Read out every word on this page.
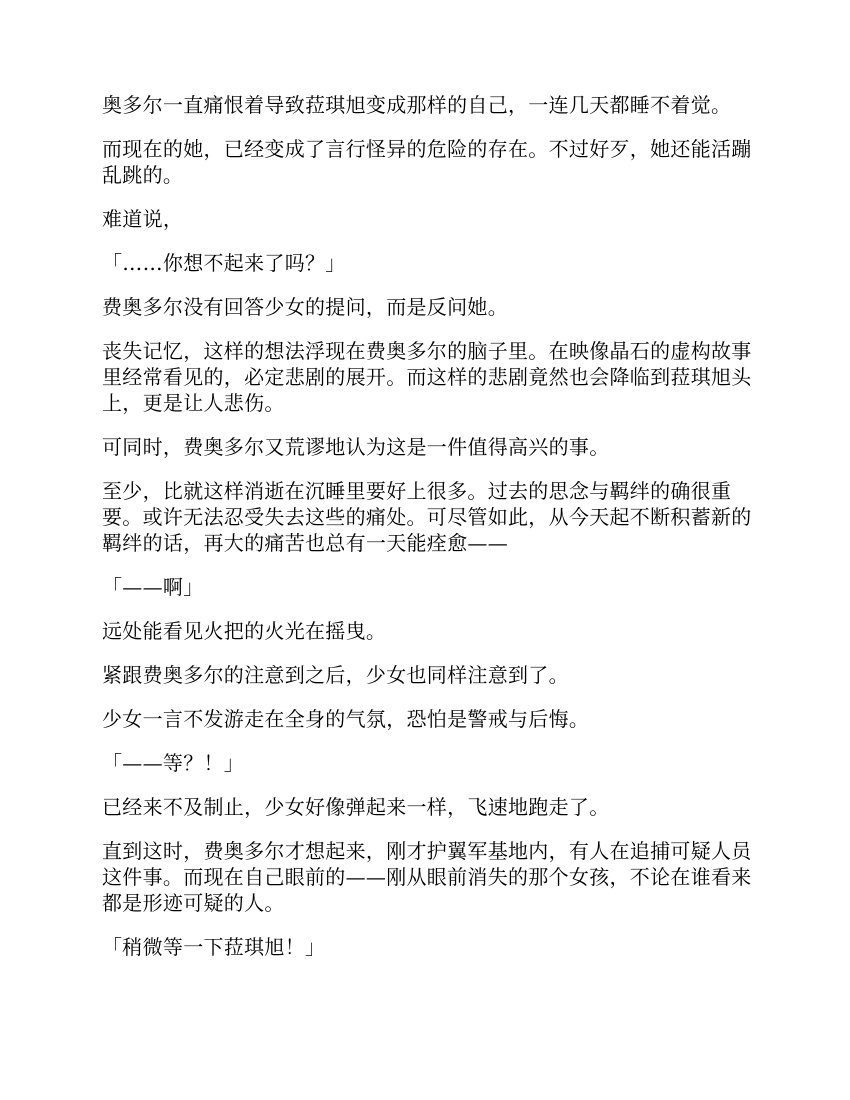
奥多尔一直痛恨着导致菈琪旭变成那样的自己，一连几天都睡不着觉。

而现在的她，已经变成了言行怪异的危险的存在。不过好歹，她还能活蹦乱跳的。

难道说，

「……你想不起来了吗？」

费奥多尔没有回答少女的提问，而是反问她。

丧失记忆，这样的想法浮现在费奥多尔的脑子里。在映像晶石的虚构故事里经常看见的，必定悲剧的展开。而这样的悲剧竟然也会降临到菈琪旭头上，更是让人悲伤。

可同时，费奥多尔又荒谬地认为这是一件值得高兴的事。

至少，比就这样消逝在沉睡里要好上很多。过去的思念与羁绊的确很重要。或许无法忍受失去这些的痛处。可尽管如此，从今天起不断积蓄新的羁绊的话，再大的痛苦也总有一天能痊愈——

「——啊」

远处能看见火把的火光在摇曳。

紧跟费奥多尔的注意到之后，少女也同样注意到了。

少女一言不发游走在全身的气氛，恐怕是警戒与后悔。

「——等？！」

已经来不及制止，少女好像弹起来一样，飞速地跑走了。

直到这时，费奥多尔才想起来，刚才护翼军基地内，有人在追捕可疑人员这件事。而现在自己眼前的——刚从眼前消失的那个女孩，不论在谁看来都是形迹可疑的人。

「稍微等一下菈琪旭！」
